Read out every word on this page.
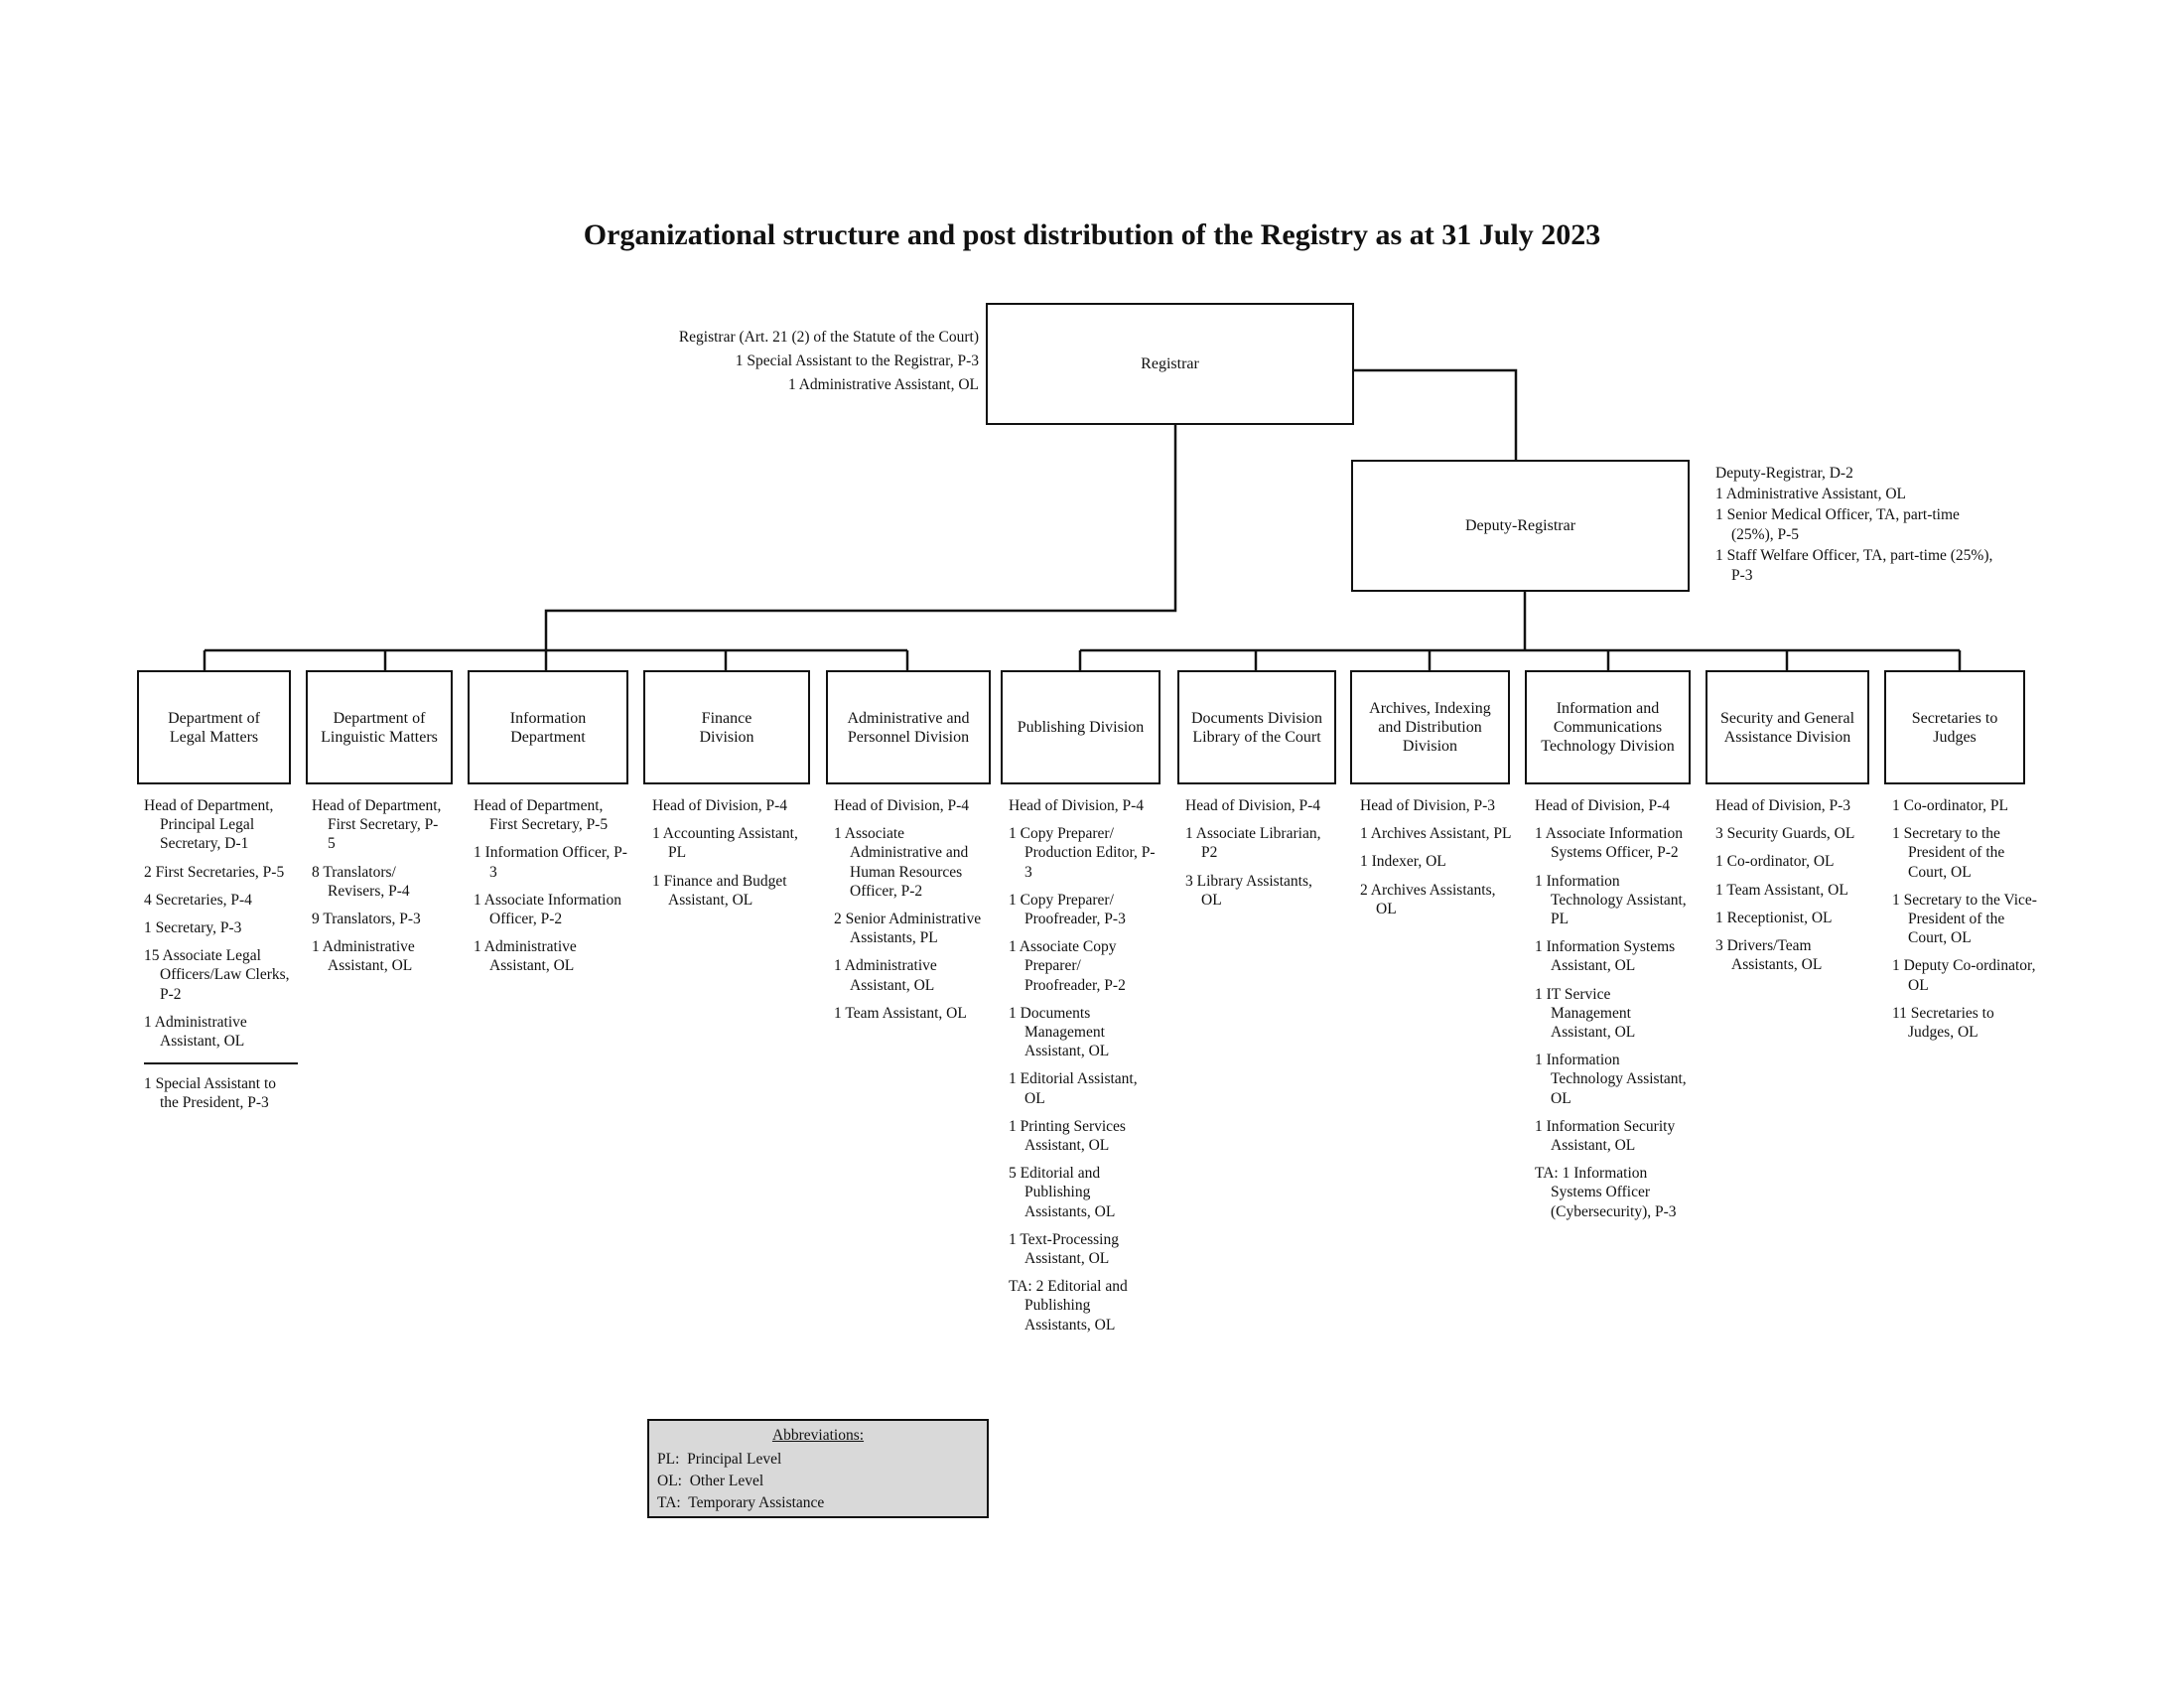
Organizational structure and post distribution of the Registry as at 31 July 2023
Registrar (Art. 21 (2) of the Statute of the Court)
1 Special Assistant to the Registrar, P-3
1 Administrative Assistant, OL
Registrar
Deputy-Registrar
Deputy-Registrar, D-2
1 Administrative Assistant, OL
1 Senior Medical Officer, TA, part-time (25%), P-5
1 Staff Welfare Officer, TA, part-time (25%), P-3
Department of
Legal Matters
Department of
Linguistic Matters
Information
Department
Finance
Division
Administrative and
Personnel Division
Publishing Division
Documents Division
Library of the Court
Archives, Indexing
and Distribution
Division
Information and
Communications
Technology Division
Security and General
Assistance Division
Secretaries to
Judges
Head of Department, Principal Legal Secretary, D-1
2 First Secretaries, P-5
4 Secretaries, P-4
1 Secretary, P-3
15 Associate Legal Officers/Law Clerks, P-2
1 Administrative Assistant, OL
1 Special Assistant to the President, P-3
Head of Department, First Secretary, P-5
8 Translators/ Revisers, P-4
9 Translators, P-3
1 Administrative Assistant, OL
Head of Department, First Secretary, P-5
1 Information Officer, P-3
1 Associate Information Officer, P-2
1 Administrative Assistant, OL
Head of Division, P-4
1 Accounting Assistant, PL
1 Finance and Budget Assistant, OL
Head of Division, P-4
1 Associate Administrative and Human Resources Officer, P-2
2 Senior Administrative Assistants, PL
1 Administrative Assistant, OL
1 Team Assistant, OL
Head of Division, P-4
1 Copy Preparer/ Production Editor, P-3
1 Copy Preparer/ Proofreader, P-3
1 Associate Copy Preparer/ Proofreader, P-2
1 Documents Management Assistant, OL
1 Editorial Assistant, OL
1 Printing Services Assistant, OL
5 Editorial and Publishing Assistants, OL
1 Text-Processing Assistant, OL
TA: 2 Editorial and Publishing Assistants, OL
Head of Division, P-4
1 Associate Librarian, P2
3 Library Assistants, OL
Head of Division, P-3
1 Archives Assistant, PL
1 Indexer, OL
2 Archives Assistants, OL
Head of Division, P-4
1 Associate Information Systems Officer, P-2
1 Information Technology Assistant, PL
1 Information Systems Assistant, OL
1 IT Service Management Assistant, OL
1 Information Technology Assistant, OL
1 Information Security Assistant, OL
TA: 1 Information Systems Officer (Cybersecurity), P-3
Head of Division, P-3
3 Security Guards, OL
1 Co-ordinator, OL
1 Team Assistant, OL
1 Receptionist, OL
3 Drivers/Team Assistants, OL
1 Co-ordinator, PL
1 Secretary to the President of the Court, OL
1 Secretary to the Vice-President of the Court, OL
1 Deputy Co-ordinator, OL
11 Secretaries to Judges, OL
Abbreviations:
PL: Principal Level
OL: Other Level
TA: Temporary Assistance
